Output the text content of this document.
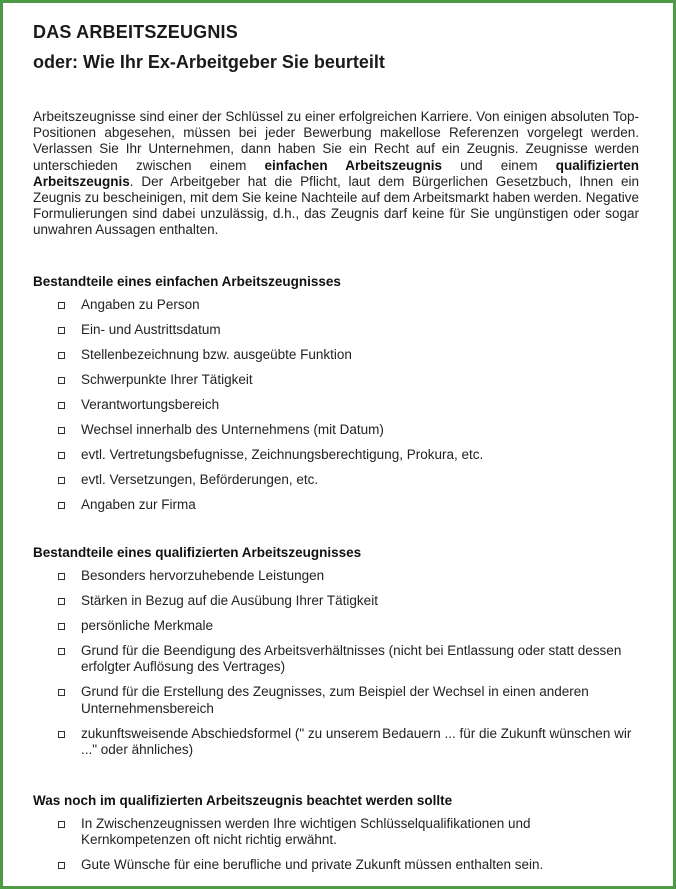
DAS ARBEITSZEUGNIS
oder: Wie Ihr Ex-Arbeitgeber Sie beurteilt

Arbeitszeugnisse sind einer der Schlüssel zu einer erfolgreichen Karriere. Von einigen absoluten Top-Positionen abgesehen, müssen bei jeder Bewerbung makellose Referenzen vorgelegt werden. Verlassen Sie Ihr Unternehmen, dann haben Sie ein Recht auf ein Zeugnis. Zeugnisse werden unterschieden zwischen einem einfachen Arbeitszeugnis und einem qualifizierten Arbeitszeugnis. Der Arbeitgeber hat die Pflicht, laut dem Bürgerlichen Gesetzbuch, Ihnen ein Zeugnis zu bescheinigen, mit dem Sie keine Nachteile auf dem Arbeitsmarkt haben werden. Negative Formulierungen sind dabei unzulässig, d.h., das Zeugnis darf keine für Sie ungünstigen oder sogar unwahren Aussagen enthalten.

Bestandteile eines einfachen Arbeitszeugnisses
Angaben zu Person
Ein- und Austrittsdatum
Stellenbezeichnung bzw. ausgeübte Funktion
Schwerpunkte Ihrer Tätigkeit
Verantwortungsbereich
Wechsel innerhalb des Unternehmens (mit Datum)
evtl. Vertretungsbefugnisse, Zeichnungsberechtigung, Prokura, etc.
evtl. Versetzungen, Beförderungen, etc.
Angaben zur Firma
Bestandteile eines qualifizierten Arbeitszeugnisses
Besonders hervorzuhebende Leistungen
Stärken in Bezug auf die Ausübung Ihrer Tätigkeit
persönliche Merkmale
Grund für die Beendigung des Arbeitsverhältnisses (nicht bei Entlassung oder statt dessen erfolgter Auflösung des Vertrages)
Grund für die Erstellung des Zeugnisses, zum Beispiel der Wechsel in einen anderen Unternehmensbereich
zukunftsweisende Abschiedsformel (" zu unserem Bedauern ... für die Zukunft wünschen wir ..." oder ähnliches)
Was noch im qualifizierten Arbeitszeugnis beachtet werden sollte
In Zwischenzeugnissen werden Ihre wichtigen Schlüsselqualifikationen und Kernkompetenzen oft nicht richtig erwähnt.
Gute Wünsche für eine berufliche und private Zukunft müssen enthalten sein.
